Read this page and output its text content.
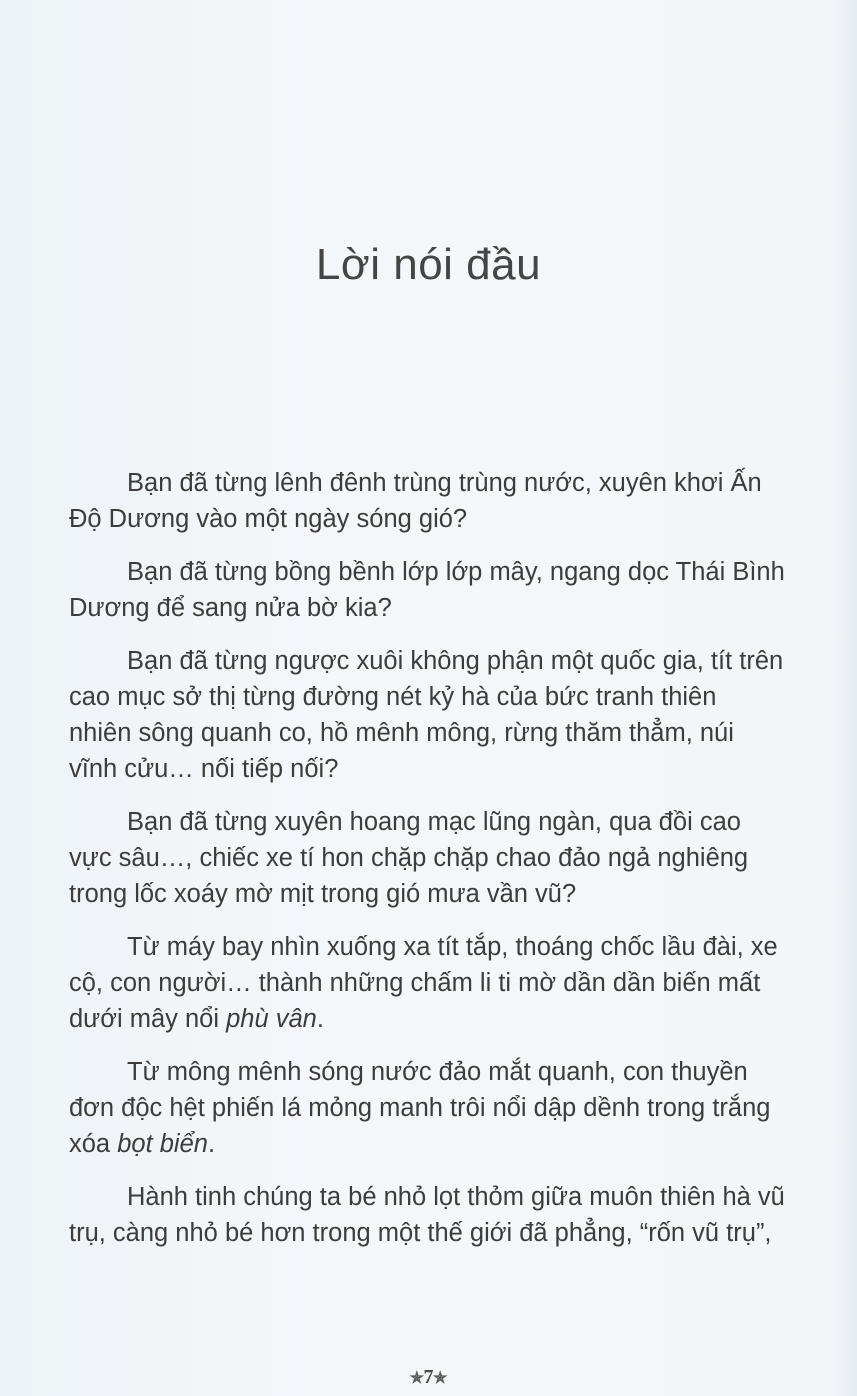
Lời nói đầu

Bạn đã từng lênh đênh trùng trùng nước, xuyên khơi Ấn Độ Dương vào một ngày sóng gió?

Bạn đã từng bồng bềnh lớp lớp mây, ngang dọc Thái Bình Dương để sang nửa bờ kia?

Bạn đã từng ngược xuôi không phận một quốc gia, tít trên cao mục sở thị từng đường nét kỷ hà của bức tranh thiên nhiên sông quanh co, hồ mênh mông, rừng thăm thẳm, núi vĩnh cửu… nối tiếp nối?

Bạn đã từng xuyên hoang mạc lũng ngàn, qua đồi cao vực sâu…, chiếc xe tí hon chặp chặp chao đảo ngả nghiêng trong lốc xoáy mờ mịt trong gió mưa vần vũ?

Từ máy bay nhìn xuống xa tít tắp, thoáng chốc lầu đài, xe cộ, con người… thành những chấm li ti mờ dần dần biến mất dưới mây nổi phù vân.

Từ mông mênh sóng nước đảo mắt quanh, con thuyền đơn độc hệt phiến lá mỏng manh trôi nổi dập dềnh trong trắng xóa bọt biển.

Hành tinh chúng ta bé nhỏ lọt thỏm giữa muôn thiên hà vũ trụ, càng nhỏ bé hơn trong một thế giới đã phẳng, “rốn vũ trụ”,

✯7✯
